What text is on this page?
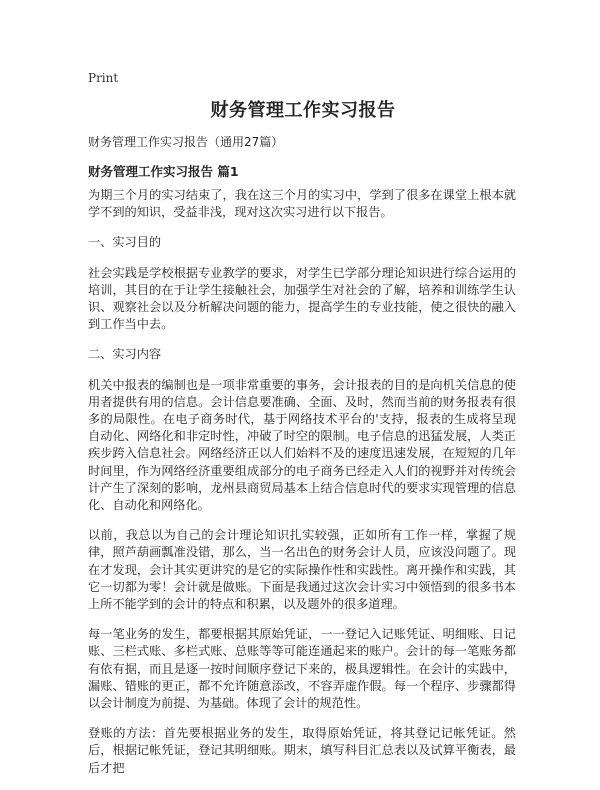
Print
财务管理工作实习报告
财务管理工作实习报告（通用27篇）
财务管理工作实习报告 篇1

为期三个月的实习结束了，我在这三个月的实习中，学到了很多在课堂上根本就学不到的知识，受益非浅，现对这次实习进行以下报告。

一、实习目的

社会实践是学校根据专业教学的要求，对学生已学部分理论知识进行综合运用的培训，其目的在于让学生接触社会，加强学生对社会的了解，培养和训练学生认识、观察社会以及分析解决问题的能力，提高学生的专业技能，使之很快的融入到工作当中去。

二、实习内容

机关中报表的编制也是一项非常重要的事务，会计报表的目的是向机关信息的使用者提供有用的信息。会计信息要准确、全面、及时，然而当前的财务报表有很多的局限性。在电子商务时代，基于网络技术平台的'支持，报表的生成将呈现自动化、网络化和非定时性，冲破了时空的限制。电子信息的迅猛发展，人类正疾步跨入信息社会。网络经济正以人们始料不及的速度迅速发展，在短短的几年时间里，作为网络经济重要组成部分的电子商务已经走入人们的视野并对传统会计产生了深刻的影响，龙州县商贸局基本上结合信息时代的要求实现管理的信息化、自动化和网络化。

以前，我总以为自己的会计理论知识扎实较强，正如所有工作一样，掌握了规律，照芦葫画瓢准没错，那么，当一名出色的财务会计人员，应该没问题了。现在才发现，会计其实更讲究的是它的实际操作性和实践性。离开操作和实践，其它一切都为零！会计就是做账。下面是我通过这次会计实习中领悟到的很多书本上所不能学到的会计的特点和积累，以及题外的很多道理。

每一笔业务的发生，都要根据其原始凭证，一一登记入记账凭证、明细账、日记账、三栏式账、多栏式账、总账等等可能连通起来的账户。会计的每一笔账务都有依有据，而且是逐一按时间顺序登记下来的，极具逻辑性。在会计的实践中，漏账、错账的更正，都不允许随意添改，不容弄虚作假。每一个程序、步骤都得以会计制度为前提、为基础。体现了会计的规范性。

登账的方法：首先要根据业务的发生，取得原始凭证，将其登记记帐凭证。然后，根据记帐凭证，登记其明细账。期末，填写科目汇总表以及试算平衡表，最后才把
